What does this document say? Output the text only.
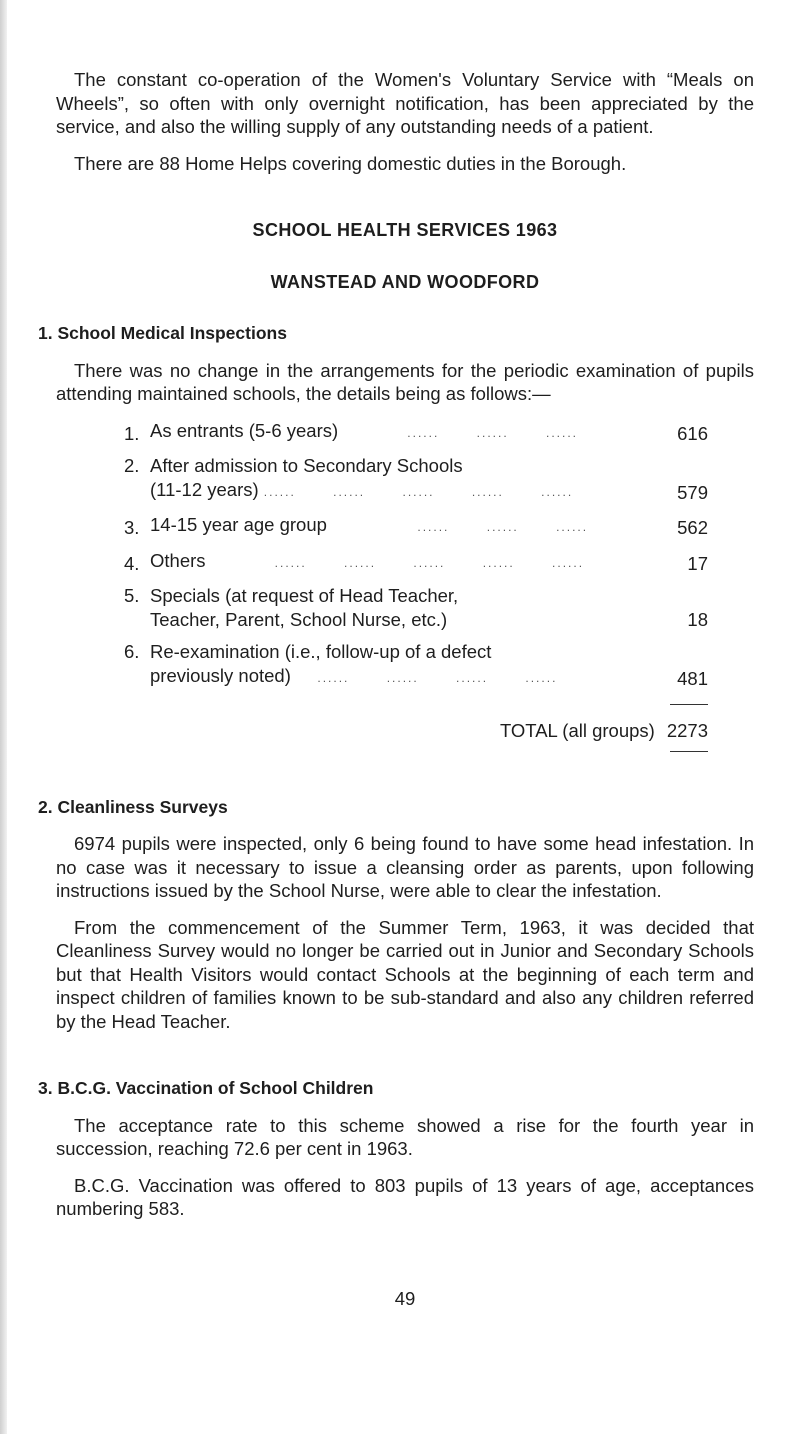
The constant co-operation of the Women's Voluntary Service with “Meals on Wheels”, so often with only overnight notification, has been appreciated by the service, and also the willing supply of any outstanding needs of a patient.

There are 88 Home Helps covering domestic duties in the Borough.

SCHOOL HEALTH SERVICES 1963
WANSTEAD AND WOODFORD
1. School Medical Inspections

There was no change in the arrangements for the periodic examination of pupils attending maintained schools, the details being as follows:—

1. As entrants (5-6 years)             ......       ......       ......	616
2. After admission to Secondary Schools
(11-12 years) ......       ......       ......       ......       ......	579
3. 14-15 year age group                 ......       ......       ......	562
4. Others             ......       ......       ......       ......       ......	17
5. Specials (at request of Head Teacher,
Teacher, Parent, School Nurse, etc.)	18
6. Re-examination (i.e., follow-up of a defect
previously noted)     ......       ......       ......       ......	481
TOTAL (all groups) 2273
2. Cleanliness Surveys

6974 pupils were inspected, only 6 being found to have some head infestation. In no case was it necessary to issue a cleansing order as parents, upon following instructions issued by the School Nurse, were able to clear the infestation.

From the commencement of the Summer Term, 1963, it was decided that Cleanliness Survey would no longer be carried out in Junior and Secondary Schools but that Health Visitors would contact Schools at the beginning of each term and inspect children of families known to be sub-standard and also any children referred by the Head Teacher.

3. B.C.G. Vaccination of School Children

The acceptance rate to this scheme showed a rise for the fourth year in succession, reaching 72.6 per cent in 1963.

B.C.G. Vaccination was offered to 803 pupils of 13 years of age, acceptances numbering 583.

49
